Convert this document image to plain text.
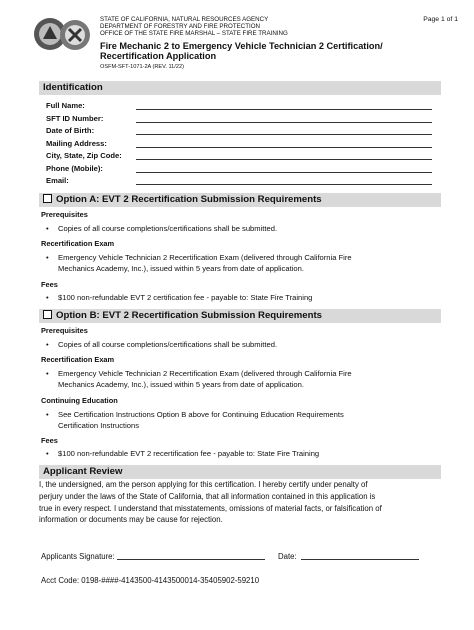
STATE OF CALIFORNIA, NATURAL RESOURCES AGENCY
DEPARTMENT OF FORESTRY AND FIRE PROTECTION
OFFICE OF THE STATE FIRE MARSHAL – STATE FIRE TRAINING
Page 1 of 1
Fire Mechanic 2 to Emergency Vehicle Technician 2 Certification/
Recertification Application
OSFM-SFT-1071-2A (REV. 11/22)
Identification
Full Name:
SFT ID Number:
Date of Birth:
Mailing Address:
City, State, Zip Code:
Phone (Mobile):
Email:
Option A: EVT 2 Recertification Submission Requirements
Prerequisites
• Copies of all course completions/certifications shall be submitted.
Recertification Exam
• Emergency Vehicle Technician 2 Recertification Exam (delivered through California Fire
Mechanics Academy, Inc.), issued within 5 years from date of application.
Fees
• $100 non-refundable EVT 2 certification fee - payable to: State Fire Training
Option B: EVT 2 Recertification Submission Requirements
Prerequisites
• Copies of all course completions/certifications shall be submitted.
Recertification Exam
• Emergency Vehicle Technician 2 Recertification Exam (delivered through California Fire
Mechanics Academy, Inc.), issued within 5 years from date of application.
Continuing Education
• See Certification Instructions Option B above for Continuing Education Requirements
Certification Instructions
Fees
• $100 non-refundable EVT 2 recertification fee - payable to: State Fire Training
Applicant Review
I, the undersigned, am the person applying for this certification. I hereby certify under penalty of
perjury under the laws of the State of California, that all information contained in this application is
true in every respect. I understand that misstatements, omissions of material facts, or falsification of
information or documents may be cause for rejection.
Applicants Signature:	Date:
Acct Code: 0198-####-4143500-4143500014-35405902-59210
